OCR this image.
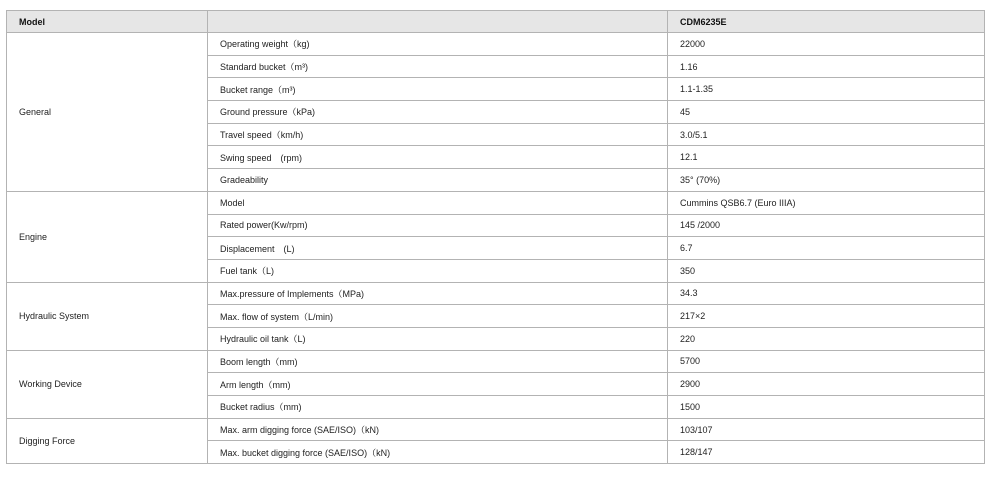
Model		CDM6235E
General	Operating weight（kg)	22000
	Standard bucket（m³)	1.16
	Bucket range（m³)	1.1-1.35
	Ground pressure（kPa)	45
	Travel speed（km/h)	3.0/5.1
	Swing speed　(rpm)	12.1
	Gradeability	35° (70%)
Engine	Model	Cummins QSB6.7 (Euro IIIA)
	Rated power(Kw/rpm)	145 /2000
	Displacement　(L)	6.7
	Fuel tank（L)	350
Hydraulic System	Max.pressure of Implements（MPa)	34.3
	Max. flow of system（L/min)	217×2
	Hydraulic oil tank（L)	220
Working Device	Boom length（mm)	5700
	Arm length（mm)	2900
	Bucket radius（mm)	1500
Digging Force	Max. arm digging force (SAE/ISO)（kN)	103/107
	Max. bucket digging force (SAE/ISO)（kN)	128/147
